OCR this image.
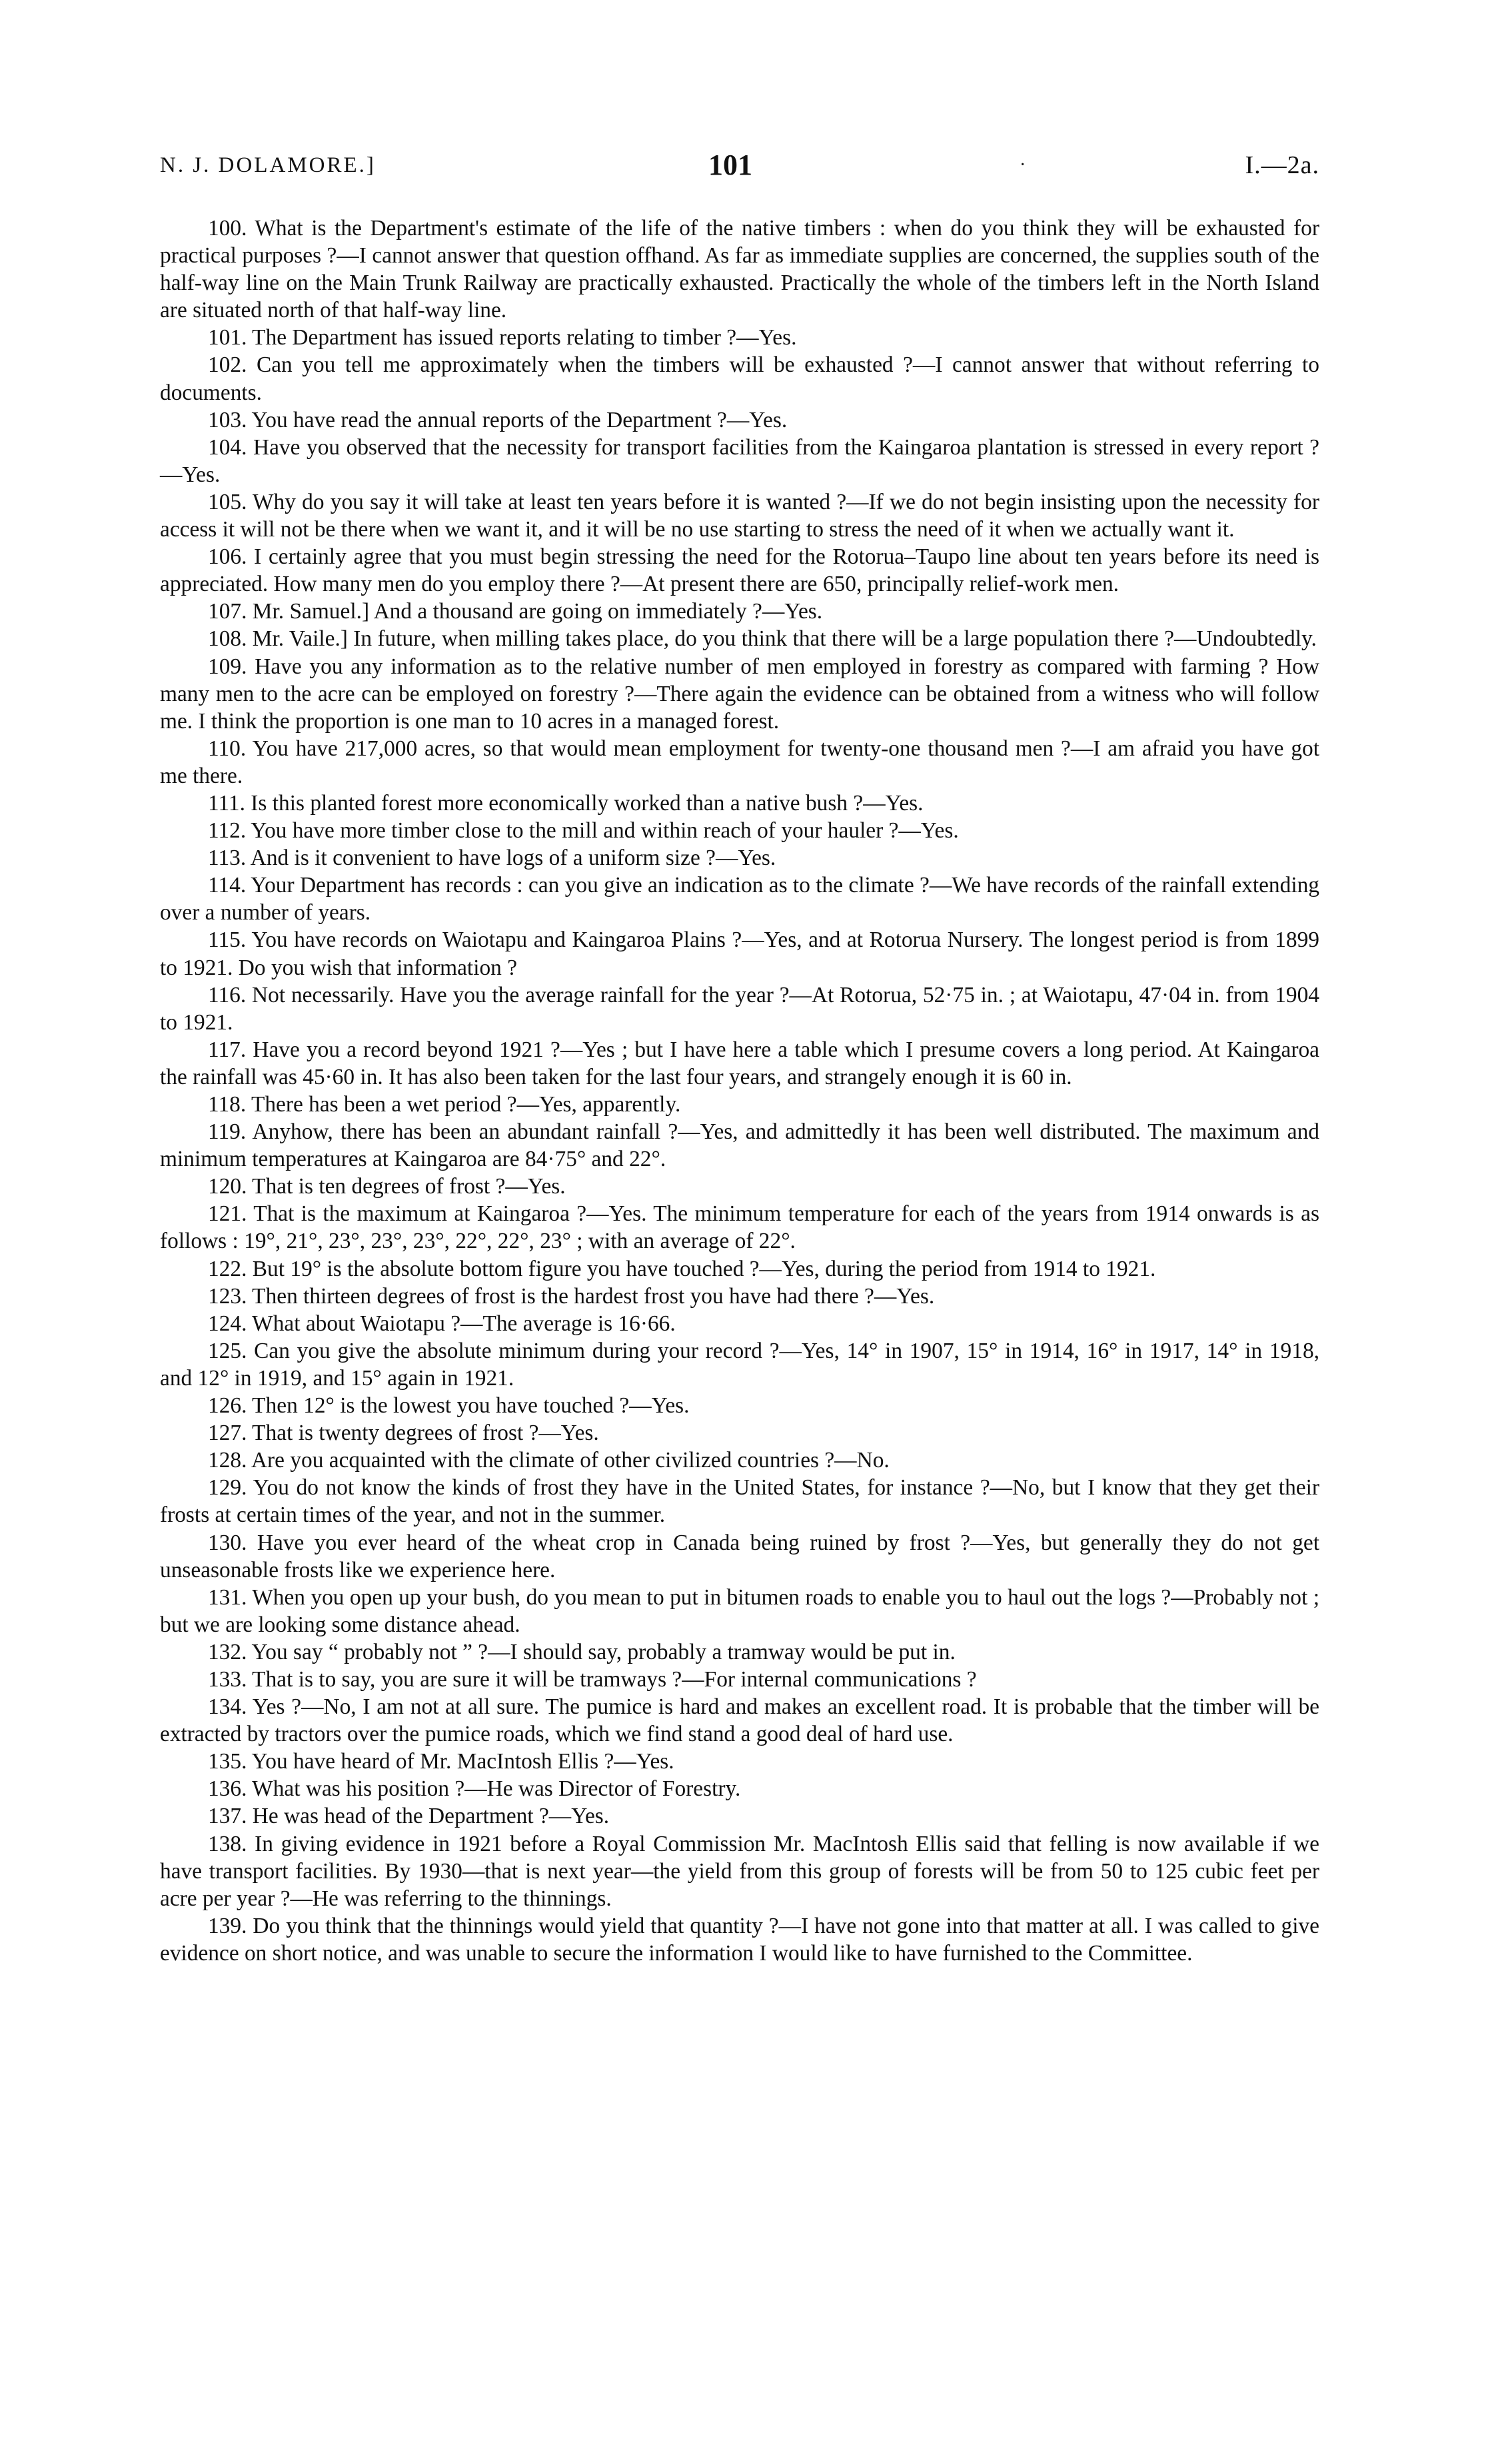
N. J. DOLAMORE.]	101	·	I.—2a.

100. What is the Department's estimate of the life of the native timbers : when do you think they will be exhausted for practical purposes ?—I cannot answer that question offhand. As far as immediate supplies are concerned, the supplies south of the half-way line on the Main Trunk Railway are practically exhausted. Practically the whole of the timbers left in the North Island are situated north of that half-way line.

101. The Department has issued reports relating to timber ?—Yes.

102. Can you tell me approximately when the timbers will be exhausted ?—I cannot answer that without referring to documents.

103. You have read the annual reports of the Department ?—Yes.

104. Have you observed that the necessity for transport facilities from the Kaingaroa plantation is stressed in every report ?—Yes.

105. Why do you say it will take at least ten years before it is wanted ?—If we do not begin insisting upon the necessity for access it will not be there when we want it, and it will be no use starting to stress the need of it when we actually want it.

106. I certainly agree that you must begin stressing the need for the Rotorua–Taupo line about ten years before its need is appreciated. How many men do you employ there ?—At present there are 650, principally relief-work men.

107. Mr. Samuel.] And a thousand are going on immediately ?—Yes.

108. Mr. Vaile.] In future, when milling takes place, do you think that there will be a large population there ?—Undoubtedly.

109. Have you any information as to the relative number of men employed in forestry as compared with farming ? How many men to the acre can be employed on forestry ?—There again the evidence can be obtained from a witness who will follow me. I think the proportion is one man to 10 acres in a managed forest.

110. You have 217,000 acres, so that would mean employment for twenty-one thousand men ?—I am afraid you have got me there.

111. Is this planted forest more economically worked than a native bush ?—Yes.

112. You have more timber close to the mill and within reach of your hauler ?—Yes.

113. And is it convenient to have logs of a uniform size ?—Yes.

114. Your Department has records : can you give an indication as to the climate ?—We have records of the rainfall extending over a number of years.

115. You have records on Waiotapu and Kaingaroa Plains ?—Yes, and at Rotorua Nursery. The longest period is from 1899 to 1921. Do you wish that information ?

116. Not necessarily. Have you the average rainfall for the year ?—At Rotorua, 52·75 in. ; at Waiotapu, 47·04 in. from 1904 to 1921.

117. Have you a record beyond 1921 ?—Yes ; but I have here a table which I presume covers a long period. At Kaingaroa the rainfall was 45·60 in. It has also been taken for the last four years, and strangely enough it is 60 in.

118. There has been a wet period ?—Yes, apparently.

119. Anyhow, there has been an abundant rainfall ?—Yes, and admittedly it has been well distributed. The maximum and minimum temperatures at Kaingaroa are 84·75° and 22°.

120. That is ten degrees of frost ?—Yes.

121. That is the maximum at Kaingaroa ?—Yes. The minimum temperature for each of the years from 1914 onwards is as follows : 19°, 21°, 23°, 23°, 23°, 22°, 22°, 23° ; with an average of 22°.

122. But 19° is the absolute bottom figure you have touched ?—Yes, during the period from 1914 to 1921.

123. Then thirteen degrees of frost is the hardest frost you have had there ?—Yes.

124. What about Waiotapu ?—The average is 16·66.

125. Can you give the absolute minimum during your record ?—Yes, 14° in 1907, 15° in 1914, 16° in 1917, 14° in 1918, and 12° in 1919, and 15° again in 1921.

126. Then 12° is the lowest you have touched ?—Yes.

127. That is twenty degrees of frost ?—Yes.

128. Are you acquainted with the climate of other civilized countries ?—No.

129. You do not know the kinds of frost they have in the United States, for instance ?—No, but I know that they get their frosts at certain times of the year, and not in the summer.

130. Have you ever heard of the wheat crop in Canada being ruined by frost ?—Yes, but generally they do not get unseasonable frosts like we experience here.

131. When you open up your bush, do you mean to put in bitumen roads to enable you to haul out the logs ?—Probably not ; but we are looking some distance ahead.

132. You say “ probably not ” ?—I should say, probably a tramway would be put in.

133. That is to say, you are sure it will be tramways ?—For internal communications ?

134. Yes ?—No, I am not at all sure. The pumice is hard and makes an excellent road. It is probable that the timber will be extracted by tractors over the pumice roads, which we find stand a good deal of hard use.

135. You have heard of Mr. MacIntosh Ellis ?—Yes.

136. What was his position ?—He was Director of Forestry.

137. He was head of the Department ?—Yes.

138. In giving evidence in 1921 before a Royal Commission Mr. MacIntosh Ellis said that felling is now available if we have transport facilities. By 1930—that is next year—the yield from this group of forests will be from 50 to 125 cubic feet per acre per year ?—He was referring to the thinnings.

139. Do you think that the thinnings would yield that quantity ?—I have not gone into that matter at all. I was called to give evidence on short notice, and was unable to secure the information I would like to have furnished to the Committee.
